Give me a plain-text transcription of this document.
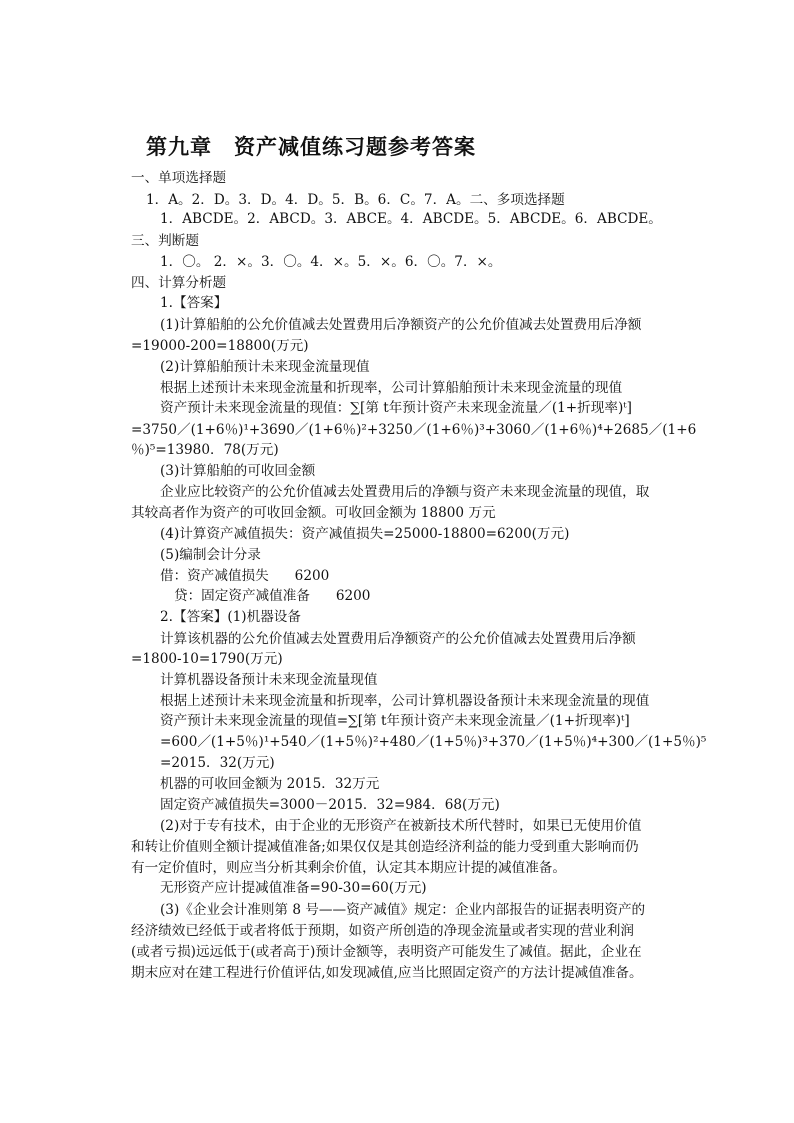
第九章　资产减值练习题参考答案
一、单项选择题
1．A。2．D。3．D。4．D。5．B。6．C。7．A。二、多项选择题
1．ABCDE。2．ABCD。3．ABCE。4．ABCDE。5．ABCDE。6．ABCDE。
三、判断题
1．〇。 2．×。3．〇。4．×。5．×。6．〇。7．×。
四、计算分析题
1.【答案】
(1)计算船舶的公允价值减去处置费用后净额资产的公允价值减去处置费用后净额
=19000-200=18800(万元)
(2)计算船舶预计未来现金流量现值
根据上述预计未来现金流量和折现率，公司计算船舶预计未来现金流量的现值
资产预计未来现金流量的现值：∑[第 t年预计资产未来现金流量／(1+折现率)ᵗ]
=3750／(1+6％)¹+3690／(1+6％)²+3250／(1+6％)³+3060／(1+6％)⁴+2685／(1+6
％)⁵=13980．78(万元)
(3)计算船舶的可收回金额
企业应比较资产的公允价值减去处置费用后的净额与资产未来现金流量的现值，取
其较高者作为资产的可收回金额。可收回金额为 18800 万元
(4)计算资产减值损失：资产减值损失=25000-18800=6200(万元)
(5)编制会计分录
借：资产减值损失      6200
贷：固定资产减值准备      6200
2.【答案】(1)机器设备
计算该机器的公允价值减去处置费用后净额资产的公允价值减去处置费用后净额
=1800-10=1790(万元)
计算机器设备预计未来现金流量现值
根据上述预计未来现金流量和折现率，公司计算机器设备预计未来现金流量的现值
资产预计未来现金流量的现值=∑[第 t年预计资产未来现金流量／(1+折现率)ᵗ]
=600／(1+5％)¹+540／(1+5％)²+480／(1+5％)³+370／(1+5％)⁴+300／(1+5％)⁵
=2015．32(万元)
机器的可收回金额为 2015．32万元
固定资产减值损失=3000－2015．32=984．68(万元)
(2)对于专有技术，由于企业的无形资产在被新技术所代替时，如果已无使用价值
和转让价值则全额计提减值准备;如果仅仅是其创造经济利益的能力受到重大影响而仍
有一定价值时，则应当分析其剩余价值，认定其本期应计提的减值准备。
无形资产应计提减值准备=90-30=60(万元)
(3)《企业会计准则第 8 号——资产减值》规定：企业内部报告的证据表明资产的
经济绩效已经低于或者将低于预期，如资产所创造的净现金流量或者实现的营业利润
(或者亏损)远远低于(或者高于)预计金额等，表明资产可能发生了减值。据此，企业在
期末应对在建工程进行价值评估,如发现减值,应当比照固定资产的方法计提减值准备。
